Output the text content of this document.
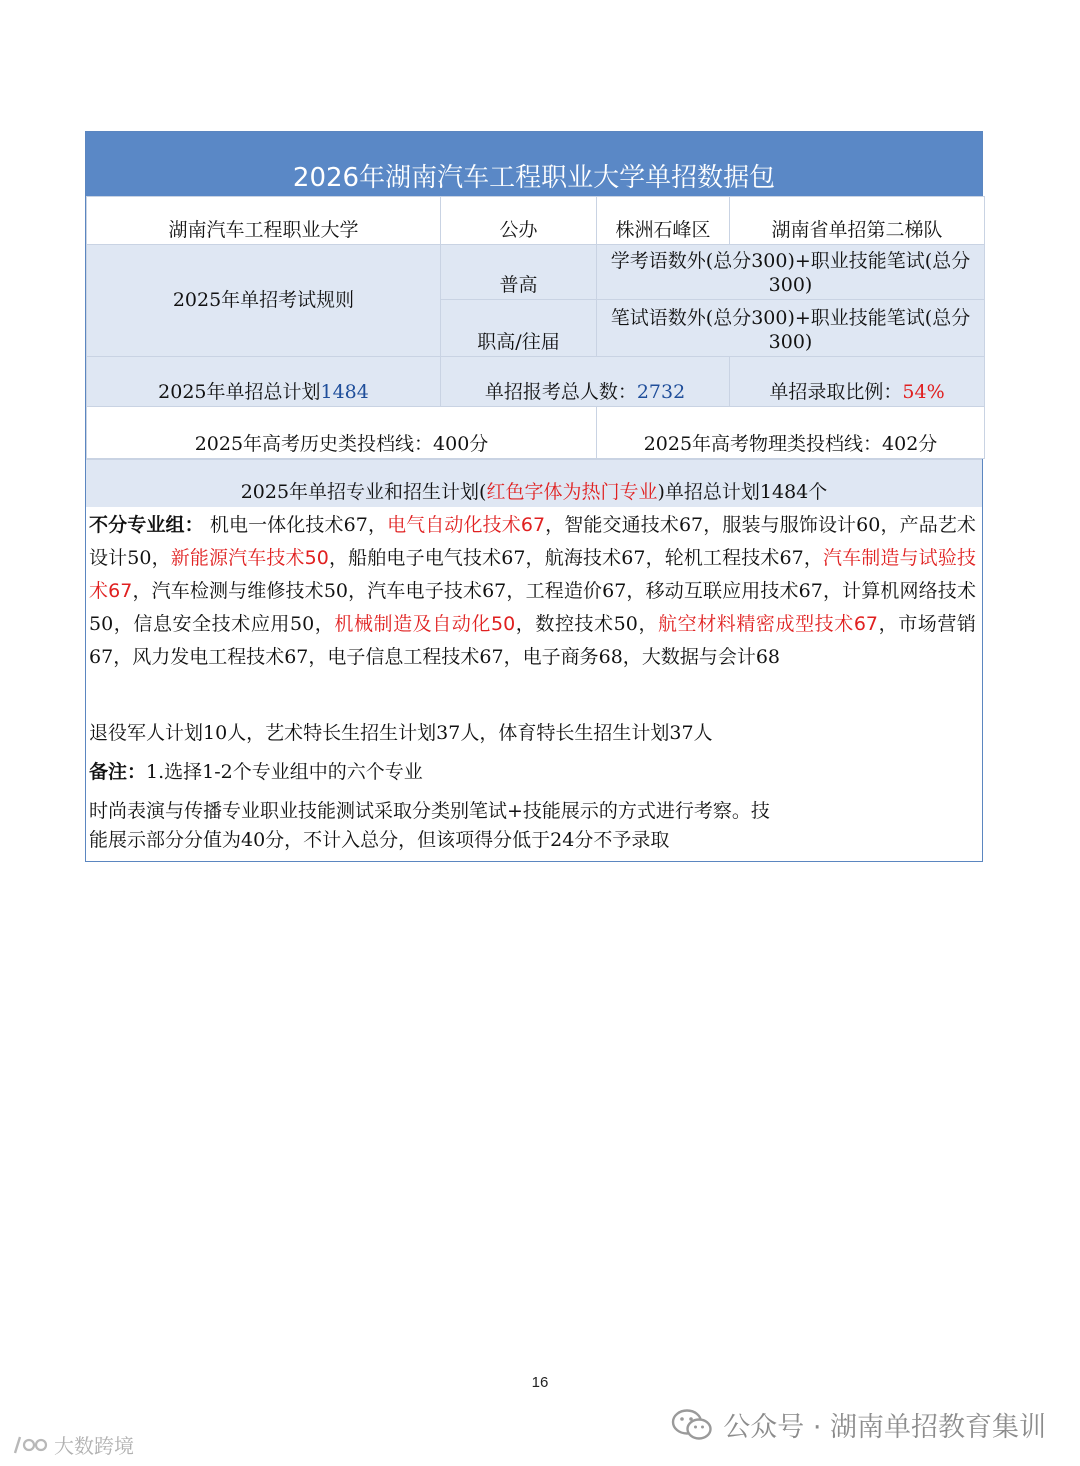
2026年湖南汽车工程职业大学单招数据包
湖南汽车工程职业大学	公办	株洲石峰区	湖南省单招第二梯队
2025年单招考试规则	普高	学考语数外(总分300)+职业技能笔试(总分300)	
	职高/往届	笔试语数外(总分300)+职业技能笔试(总分300)	
2025年单招总计划1484	单招报考总人数：2732		单招录取比例：54%
2025年高考历史类投档线：400分		2025年高考物理类投档线：402分	
2025年单招专业和招生计划( 红色字体为热门专业 )单招总计划1484个
不分专业组： 机电一体化技术67，电气自动化技术67，智能交通技术67，服装与服饰设计60，产品艺术设计50，新能源汽车技术50，船舶电子电气技术67，航海技术67，轮机工程技术67，汽车制造与试验技术67，汽车检测与维修技术50，汽车电子技术67，工程造价67，移动互联应用技术67，计算机网络技术50，信息安全技术应用50，机械制造及自动化50，数控技术50，航空材料精密成型技术67，市场营销67，风力发电工程技术67，电子信息工程技术67，电子商务68，大数据与会计68
退役军人计划10人，艺术特长生招生计划37人，体育特长生招生计划37人
备注：1.选择1-2个专业组中的六个专业
时尚表演与传播专业职业技能测试采取分类别笔试+技能展示的方式进行考察。技
能展示部分分值为40分，不计入总分，但该项得分低于24分不予录取
16
公众号 · 湖南单招教育集训
大数跨境
